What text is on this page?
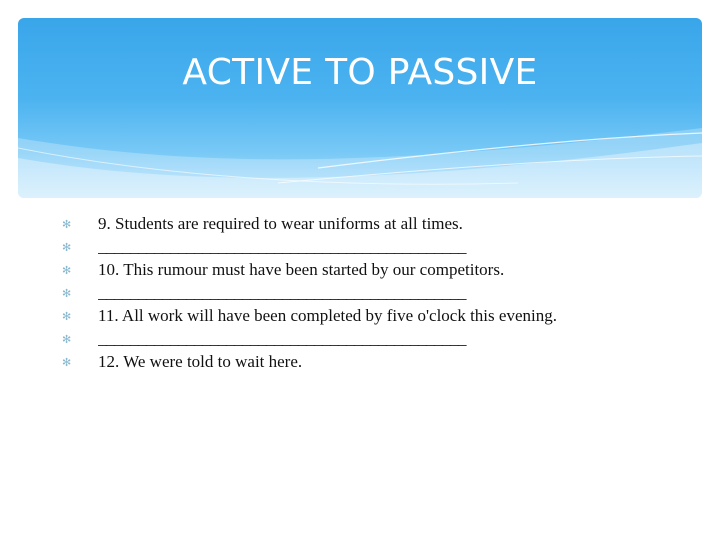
ACTIVE TO PASSIVE
✻ 9. Students are required to wear uniforms at all times.
✻ ______________________________________________
✻ 10. This rumour must have been started by our competitors.
✻ ______________________________________________
✻ 11. All work will have been completed by five o'clock this evening.
✻ ______________________________________________
✻ 12. We were told to wait here.
